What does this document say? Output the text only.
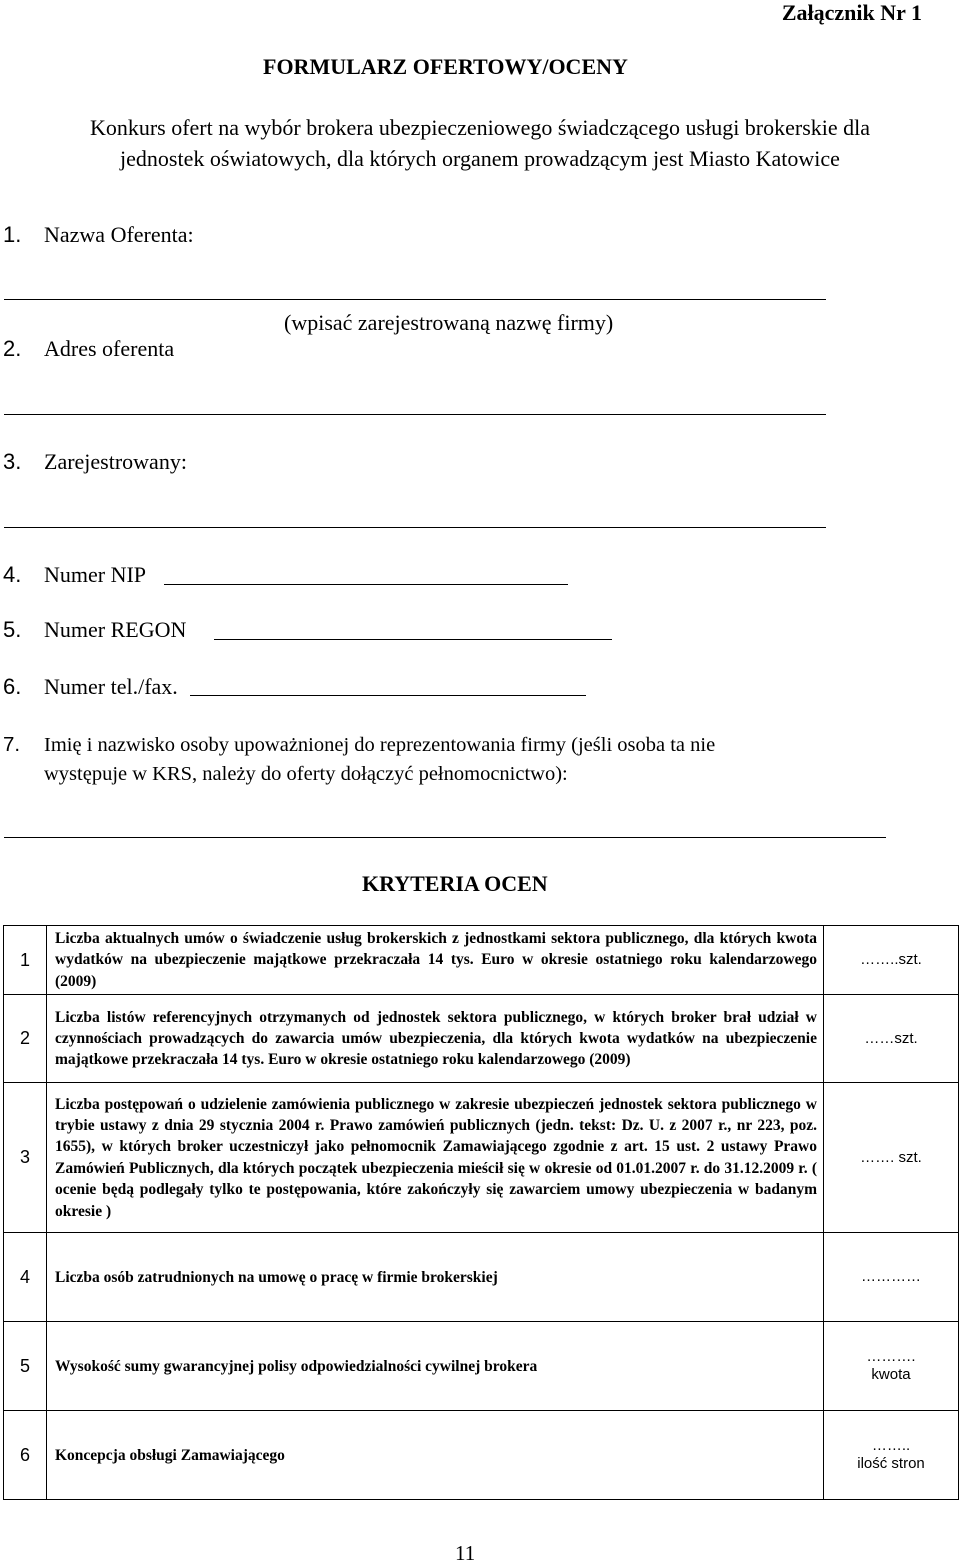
Załącznik Nr 1
FORMULARZ OFERTOWY/OCENY
Konkurs ofert na wybór brokera ubezpieczeniowego świadczącego usługi brokerskie dla
jednostek oświatowych, dla których organem prowadzącym jest Miasto Katowice
1. Nazwa Oferenta:
(wpisać zarejestrowaną nazwę firmy)
2. Adres oferenta
3. Zarejestrowany:
4. Numer NIP
5. Numer REGON
6. Numer tel./fax.
7. Imię i nazwisko osoby upoważnionej do reprezentowania firmy (jeśli osoba ta nie
występuje w KRS, należy do oferty dołączyć pełnomocnictwo):
KRYTERIA OCEN
1	Liczba aktualnych umów o świadczenie usług brokerskich z jednostkami sektora publicznego, dla których kwota wydatków na ubezpieczenie majątkowe przekraczała 14 tys. Euro w okresie ostatniego roku kalendarzowego (2009)	……..szt.

2	Liczba listów referencyjnych otrzymanych od jednostek sektora publicznego, w których broker brał udział w czynnościach prowadzących do zawarcia umów ubezpieczenia, dla których kwota wydatków na ubezpieczenie majątkowe przekraczała 14 tys. Euro w okresie ostatniego roku kalendarzowego (2009)	……szt.

3	Liczba postępowań o udzielenie zamówienia publicznego w zakresie ubezpieczeń jednostek sektora publicznego w trybie ustawy z dnia 29 stycznia 2004 r. Prawo zamówień publicznych (jedn. tekst: Dz. U. z 2007 r., nr 223, poz. 1655), w których broker uczestniczył jako pełnomocnik Zamawiającego zgodnie z art. 15 ust. 2 ustawy Prawo Zamówień Publicznych, dla których początek ubezpieczenia mieścił się w okresie od 01.01.2007 r. do 31.12.2009 r. ( ocenie będą podlegały tylko te postępowania, które zakończyły się zawarciem umowy ubezpieczenia w badanym okresie )	……. szt.

4	Liczba osób zatrudnionych na umowę o pracę w firmie brokerskiej	…………

5	Wysokość sumy gwarancyjnej polisy odpowiedzialności cywilnej brokera	……….
kwota

6	Koncepcja obsługi Zamawiającego	……..
ilość stron
11
